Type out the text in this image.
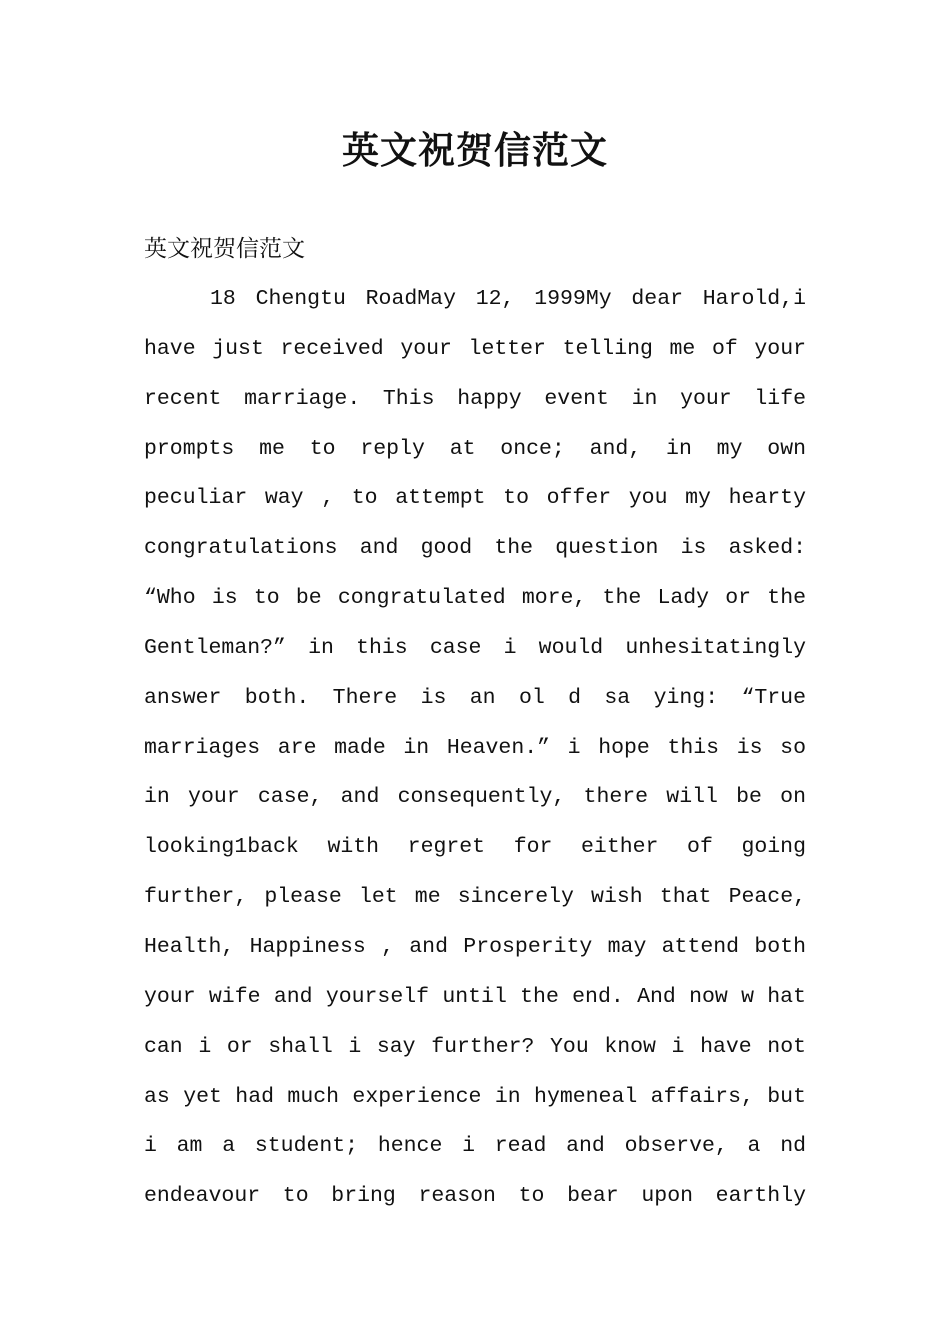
英文祝贺信范文
英文祝贺信范文
18 Chengtu RoadMay 12, 1999My dear Harold,i
have just received your letter telling me of your
recent marriage. This happy event in your life
prompts me to reply at once; and, in my own
peculiar way , to attempt to offer you my hearty
congratulations and good the question is asked:
“Who is to be congratulated more, the Lady or the
Gentleman?” in this case i would unhesitatingly
answer both. There is an ol d sa ying: “True
marriages are made in Heaven.” i hope this is so
in your case, and consequently, there will be on
looking1back with regret for either of going
further, please let me sincerely wish that Peace,
Health, Happiness , and Prosperity may attend both
your wife and yourself until the end. And now w hat
can i or shall i say further? You know i have not
as yet had much experience in hymeneal affairs, but
i am a student; hence i read and observe, a nd
endeavour to bring reason to bear upon earthly
